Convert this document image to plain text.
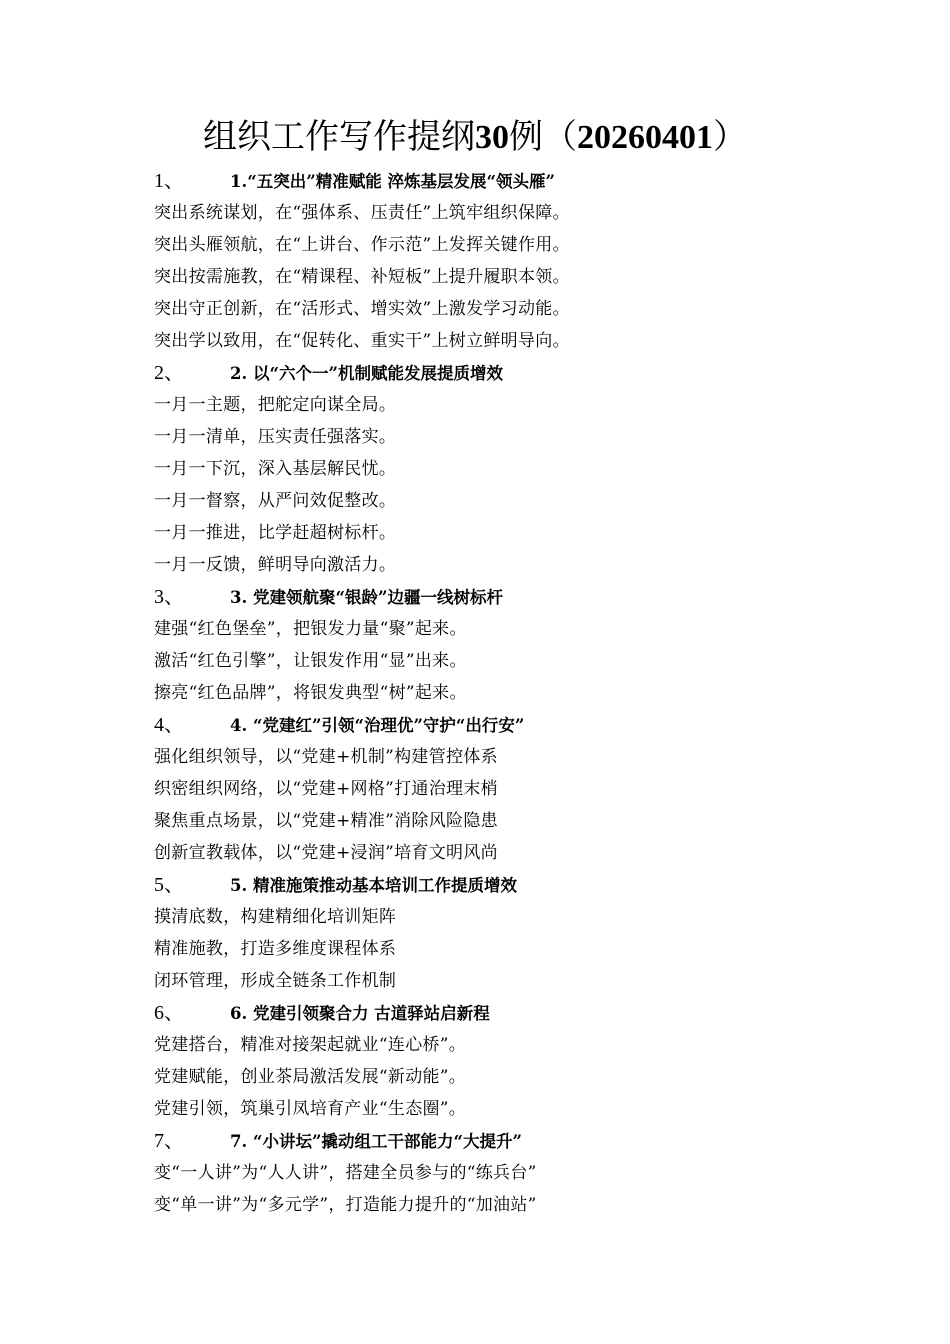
组织工作写作提纲30例（20260401）
1、	1.“五突出”精准赋能 淬炼基层发展“领头雁”
突出系统谋划，在“强体系、压责任”上筑牢组织保障。
突出头雁领航，在“上讲台、作示范”上发挥关键作用。
突出按需施教，在“精课程、补短板”上提升履职本领。
突出守正创新，在“活形式、增实效”上激发学习动能。
突出学以致用，在“促转化、重实干”上树立鲜明导向。
2、	2. 以“六个一”机制赋能发展提质增效
一月一主题，把舵定向谋全局。
一月一清单，压实责任强落实。
一月一下沉，深入基层解民忧。
一月一督察，从严问效促整改。
一月一推进，比学赶超树标杆。
一月一反馈，鲜明导向激活力。
3、	3. 党建领航聚“银龄”边疆一线树标杆
建强“红色堡垒”，把银发力量“聚”起来。
激活“红色引擎”，让银发作用“显”出来。
擦亮“红色品牌”，将银发典型“树”起来。
4、	4. “党建红”引领“治理优”守护“出行安”
强化组织领导，以“党建+机制”构建管控体系
织密组织网络，以“党建+网格”打通治理末梢
聚焦重点场景，以“党建+精准”消除风险隐患
创新宣教载体，以“党建+浸润”培育文明风尚
5、	5. 精准施策推动基本培训工作提质增效
摸清底数，构建精细化培训矩阵
精准施教，打造多维度课程体系
闭环管理，形成全链条工作机制
6、	6. 党建引领聚合力 古道驿站启新程
党建搭台，精准对接架起就业“连心桥”。
党建赋能，创业茶局激活发展“新动能”。
党建引领，筑巢引凤培育产业“生态圈”。
7、	7. “小讲坛”撬动组工干部能力“大提升”
变“一人讲”为“人人讲”，搭建全员参与的“练兵台”
变“单一讲”为“多元学”，打造能力提升的“加油站”
